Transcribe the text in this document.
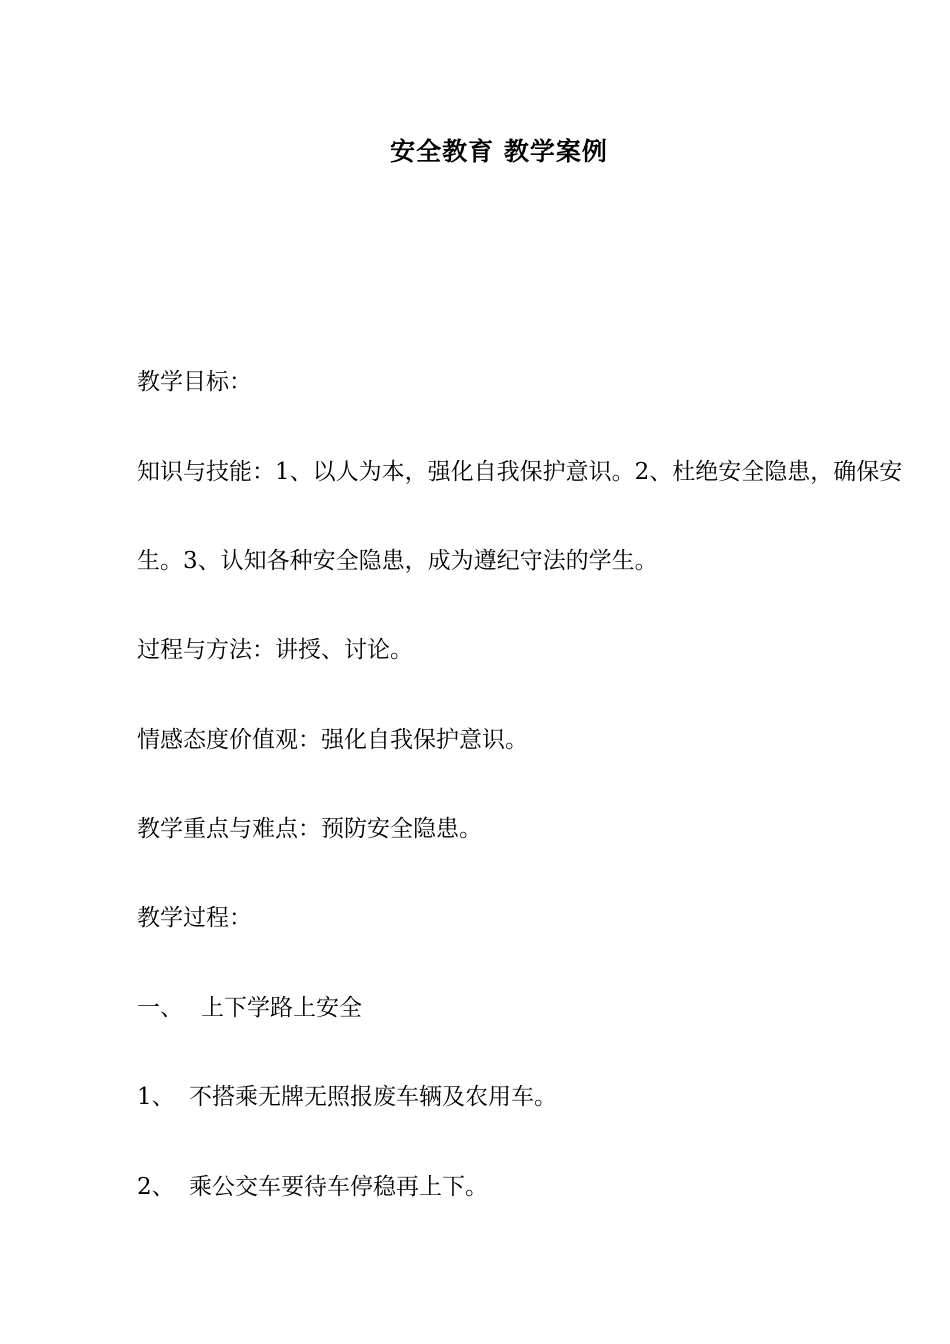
安全教育 教学案例
教学目标：
知识与技能：1、以人为本，强化自我保护意识。2、杜绝安全隐患，确保安
生。3、认知各种安全隐患，成为遵纪守法的学生。
过程与方法：讲授、讨论。
情感态度价值观：强化自我保护意识。
教学重点与难点：预防安全隐患。
教学过程：
一、 上下学路上安全
1、 不搭乘无牌无照报废车辆及农用车。
2、 乘公交车要待车停稳再上下。
